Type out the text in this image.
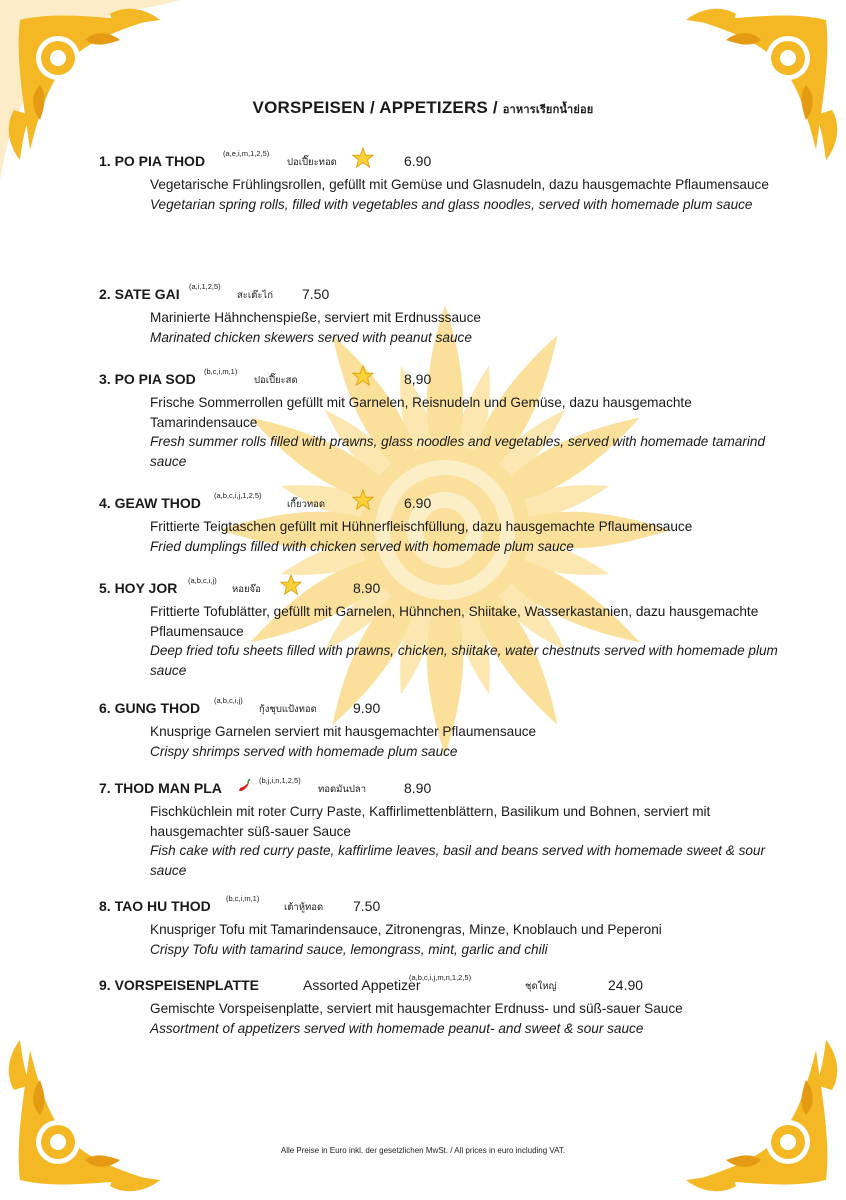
VORSPEISEN / APPETIZERS / อาหารเรียกน้ำย่อย
1. PO PIA THOD (a,e,i,m,1,2,5)
ปอเปี๊ยะทอด	6.90
Vegetarische Frühlingsrollen, gefüllt mit Gemüse und Glasnudeln, dazu hausgemachte Pflaumensauce
Vegetarian spring rolls, filled with vegetables and glass noodles, served with homemade plum sauce
2. SATE GAI (a,i,1,2,5)
สะเต๊ะไก่ 7.50
Marinierte Hähnchenspieße, serviert mit Erdnusssauce
Marinated chicken skewers served with peanut sauce
3. PO PIA SOD (b,c,i,m,1)
ปอเปี๊ยะสด	8,90
Frische Sommerrollen gefüllt mit Garnelen, Reisnudeln und Gemüse, dazu hausgemachte Tamarindensauce
Fresh summer rolls filled with prawns, glass noodles and vegetables, served with homemade tamarind sauce
4. GEAW THOD (a,b,c,i,j,1,2,5)
เกี๊ยวทอด	6.90
Frittierte Teigtaschen gefüllt mit Hühnerfleischfüllung, dazu hausgemachte Pflaumensauce
Fried dumplings filled with chicken served with homemade plum sauce
5. HOY JOR (a,b,c,i,j)
หอยจ๊อ	8.90
Frittierte Tofublätter, gefüllt mit Garnelen, Hühnchen, Shiitake, Wasserkastanien, dazu hausgemachte Pflaumensauce
Deep fried tofu sheets filled with prawns, chicken, shiitake, water chestnuts served with homemade plum sauce
6. GUNG THOD (a,b,c,i,j)
กุ้งชุบแป้งทอด	9.90
Knusprige Garnelen serviert mit hausgemachter Pflaumensauce
Crispy shrimps served with homemade plum sauce
7. THOD MAN PLA	(b,j,i,n,1,2,5)
ทอดมันปลา	8.90
Fischküchlein mit roter Curry Paste, Kaffirlimettenblättern, Basilikum und Bohnen, serviert mit hausgemachter süß-sauer Sauce
Fish cake with red curry paste, kaffirlime leaves, basil and beans served with homemade sweet & sour sauce
8. TAO HU THOD (b,c,i,m,1)
เต้าหู้ทอด 7.50
Knuspriger Tofu mit Tamarindensauce, Zitronengras, Minze, Knoblauch und Peperoni
Crispy Tofu with tamarind sauce, lemongrass, mint, garlic and chili
9. VORSPEISENPLATTE	Assorted Appetizer
(a,b,c,i,j,m,n,1,2,5)
ชุดใหญ่	24.90
Gemischte Vorspeisenplatte, serviert mit hausgemachter Erdnuss- und süß-sauer Sauce
Assortment of appetizers served with homemade peanut- and sweet & sour sauce
Alle Preise in Euro inkl. der gesetzlichen MwSt. / All prices in euro including VAT.
